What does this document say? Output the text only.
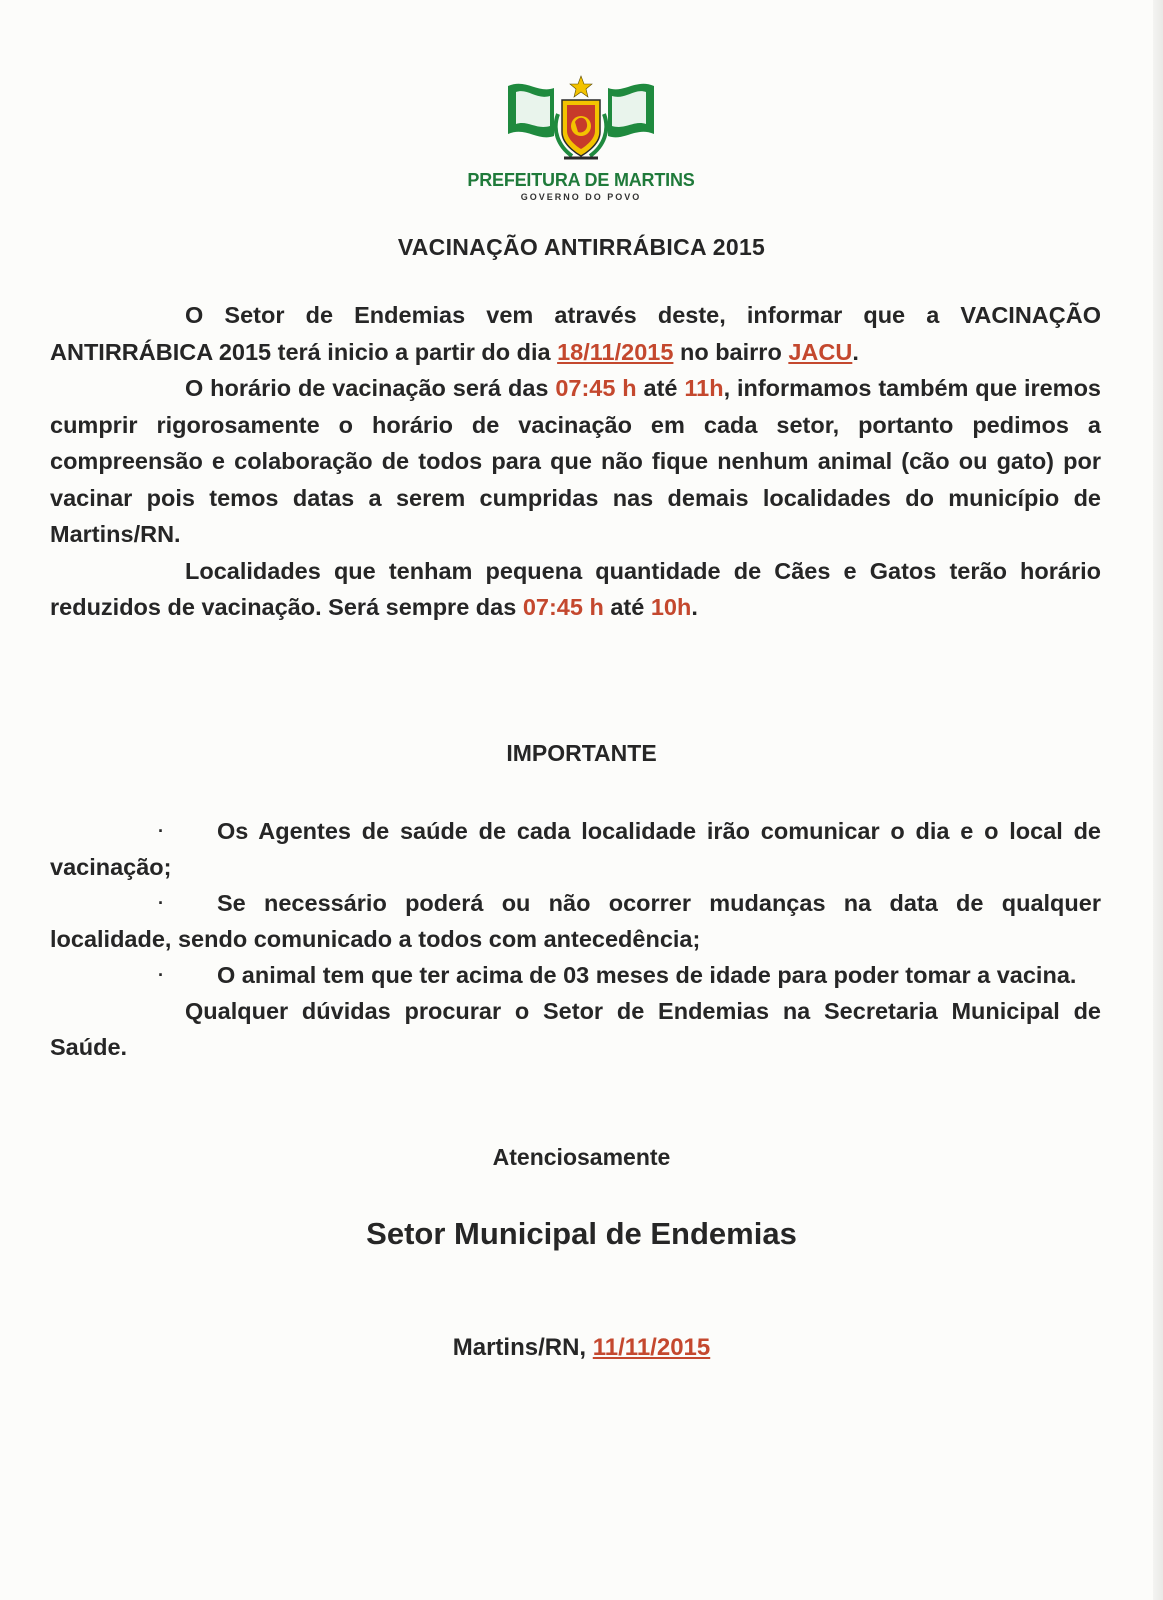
PREFEITURA DE MARTINS
GOVERNO DO POVO
VACINAÇÃO ANTIRRÁBICA 2015

O Setor de Endemias vem através deste, informar que a VACINAÇÃO ANTIRRÁBICA 2015 terá inicio a partir do dia 18/11/2015 no bairro JACU.

O horário de vacinação será das 07:45 h até 11h, informamos também que iremos cumprir rigorosamente o horário de vacinação em cada setor, portanto pedimos a compreensão e colaboração de todos para que não fique nenhum animal (cão ou gato) por vacinar pois temos datas a serem cumpridas nas demais localidades do município de Martins/RN.

Localidades que tenham pequena quantidade de Cães e Gatos terão horário reduzidos de vacinação. Será sempre das 07:45 h até 10h.

IMPORTANTE

· Os Agentes de saúde de cada localidade irão comunicar o dia e o local de vacinação;

· Se necessário poderá ou não ocorrer mudanças na data de qualquer localidade, sendo comunicado a todos com antecedência;

· O animal tem que ter acima de 03 meses de idade para poder tomar a vacina.

Qualquer dúvidas procurar o Setor de Endemias na Secretaria Municipal de Saúde.

Atenciosamente
Setor Municipal de Endemias
Martins/RN, 11/11/2015
